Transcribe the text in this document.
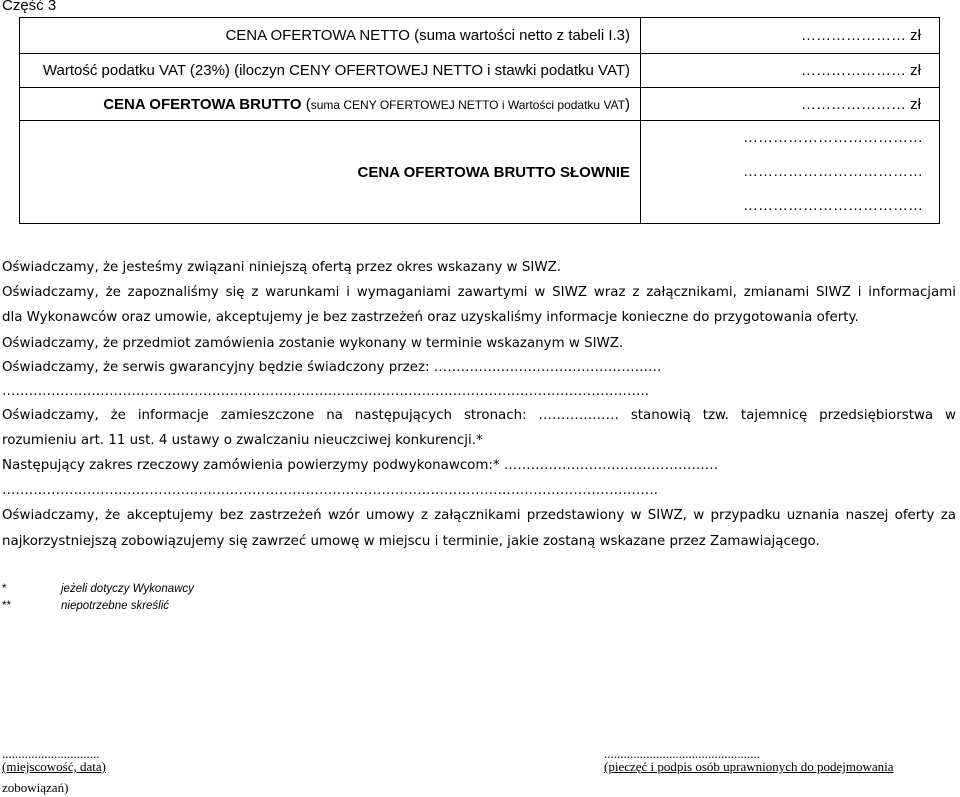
Część 3
CENA OFERTOWA NETTO (suma wartości netto z tabeli I.3)	………………… zł
Wartość podatku VAT (23%) (iloczyn CENY OFERTOWEJ NETTO i stawki podatku VAT)	………………… zł
CENA OFERTOWA BRUTTO (suma CENY OFERTOWEJ NETTO i Wartości podatku VAT)	………………… zł
CENA OFERTOWA BRUTTO SŁOWNIE	………………………………
………………………………
………………………………
Oświadczamy, że jesteśmy związani niniejszą ofertą przez okres wskazany w SIWZ.
Oświadczamy, że zapoznaliśmy się z warunkami i wymaganiami zawartymi w SIWZ wraz z załącznikami, zmianami SIWZ i informacjami
dla Wykonawców oraz umowie, akceptujemy je bez zastrzeżeń oraz uzyskaliśmy informacje konieczne do przygotowania oferty.
Oświadczamy, że przedmiot zamówienia zostanie wykonany w terminie wskazanym w SIWZ.
Oświadczamy, że serwis gwarancyjny będzie świadczony przez: ……………………………………………
……………………………………………………………………………………………………………………………….
Oświadczamy, że informacje zamieszczone na następujących stronach: ……………… stanowią tzw. tajemnicę przedsiębiorstwa w
rozumieniu art. 11 ust. 4 ustawy o zwalczaniu nieuczciwej konkurencji.*
Następujący zakres rzeczowy zamówienia powierzymy podwykonawcom:* …………………………………………
…………………………………………………………………………………………………………………………………
Oświadczamy, że akceptujemy bez zastrzeżeń wzór umowy z załącznikami przedstawiony w SIWZ, w przypadku uznania naszej oferty za
najkorzystniejszą zobowiązujemy się zawrzeć umowę w miejscu i terminie, jakie zostaną wskazane przez Zamawiającego.
*	jeżeli dotyczy Wykonawcy
**	niepotrzebne skreślić
..............................
(miejscowość, data)
zobowiązań)
................................................
(pieczęć i podpis osób uprawnionych do podejmowania
